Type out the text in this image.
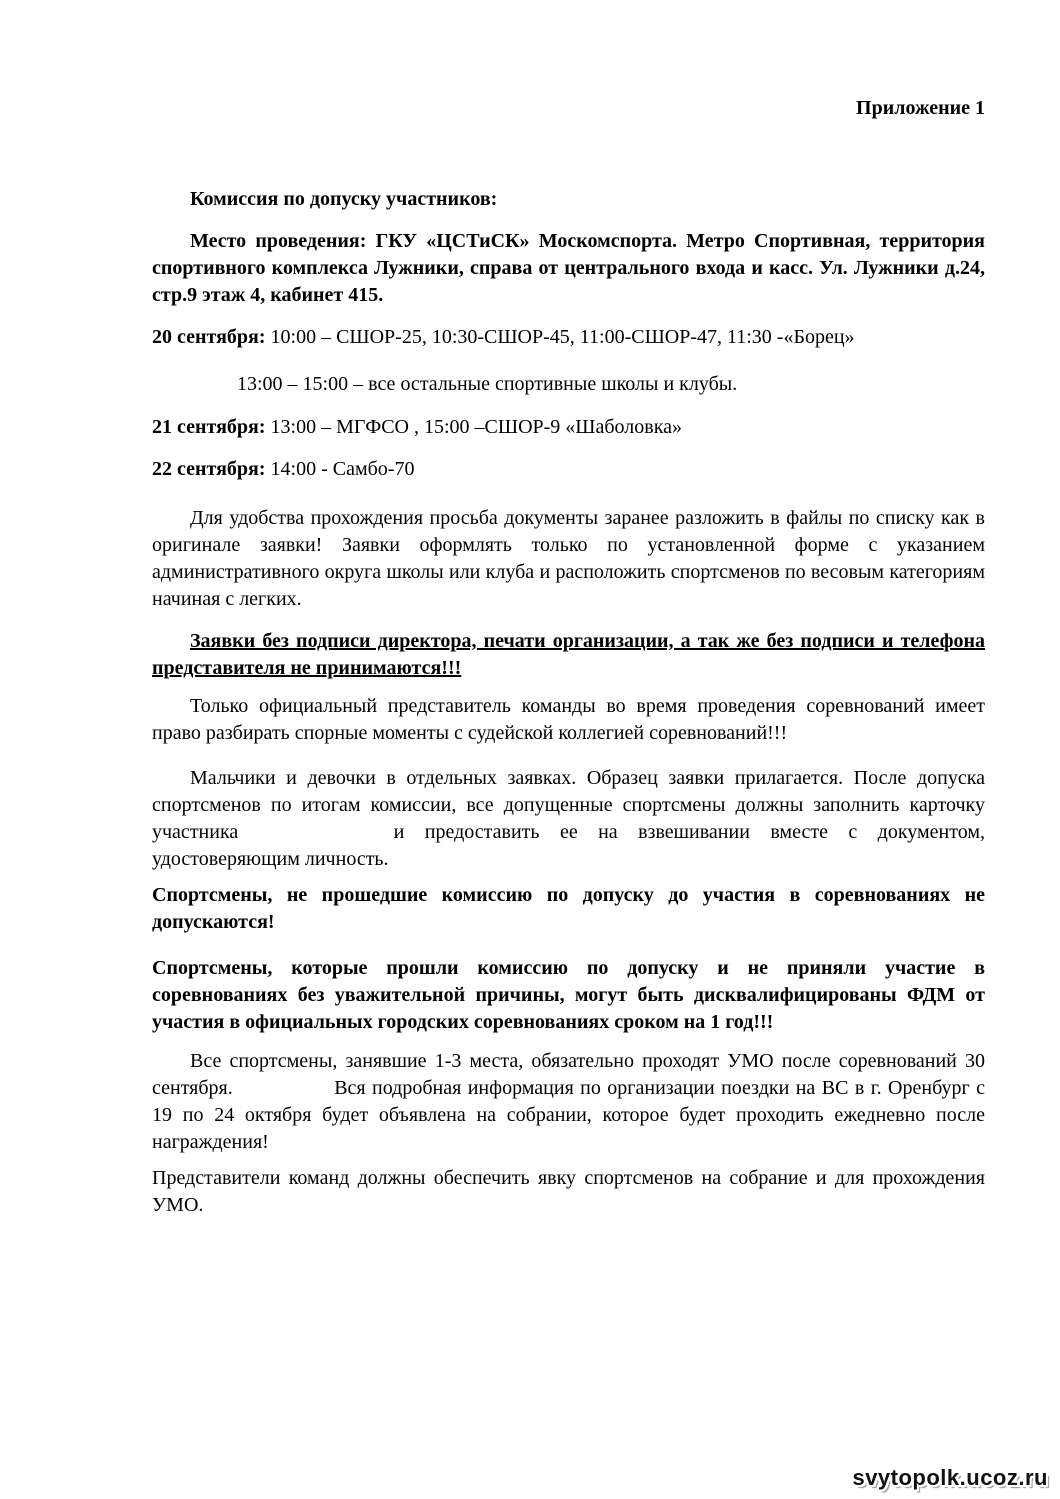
Приложение 1

Комиссия по допуску участников:

Место проведения: ГКУ «ЦСТиСК» Москомспорта. Метро Спортивная, территория спортивного комплекса Лужники, справа от центрального входа и касс. Ул. Лужники д.24, стр.9 этаж 4, кабинет 415.

20 сентября: 10:00 – СШОР-25, 10:30-СШОР-45, 11:00-СШОР-47, 11:30 -«Борец»

13:00 – 15:00 – все остальные спортивные школы и клубы.

21 сентября: 13:00 – МГФСО , 15:00 –СШОР-9 «Шаболовка»

22 сентября: 14:00 - Самбо-70

Для удобства прохождения просьба документы заранее разложить в файлы по списку как в оригинале заявки! Заявки оформлять только по установленной форме с указанием административного округа школы или клуба и расположить спортсменов по весовым категориям начиная с легких.

Заявки без подписи директора, печати организации, а так же без подписи и телефона представителя не принимаются!!!

Только официальный представитель команды во время проведения соревнований имеет право разбирать спорные моменты с судейской коллегией соревнований!!!

Мальчики и девочки в отдельных заявках. Образец заявки прилагается. После допуска спортсменов по итогам комиссии, все допущенные спортсмены должны заполнить карточку участника	и предоставить ее на взвешивании вместе с документом, удостоверяющим личность.

Спортсмены, не прошедшие комиссию по допуску до участия в соревнованиях не допускаются!

Спортсмены, которые прошли комиссию по допуску и не приняли участие в соревнованиях без уважительной причины, могут быть дисквалифицированы ФДМ от участия в официальных городских соревнованиях сроком на 1 год!!!

Все спортсмены, занявшие 1-3 места, обязательно проходят УМО после соревнований 30 сентября.	Вся подробная информация по организации поездки на ВС в г. Оренбург с 19 по 24 октября будет объявлена на собрании, которое будет проходить ежедневно после награждения!

Представители команд должны обеспечить явку спортсменов на собрание и для прохождения УМО.

svytopolk.ucoz.ru
